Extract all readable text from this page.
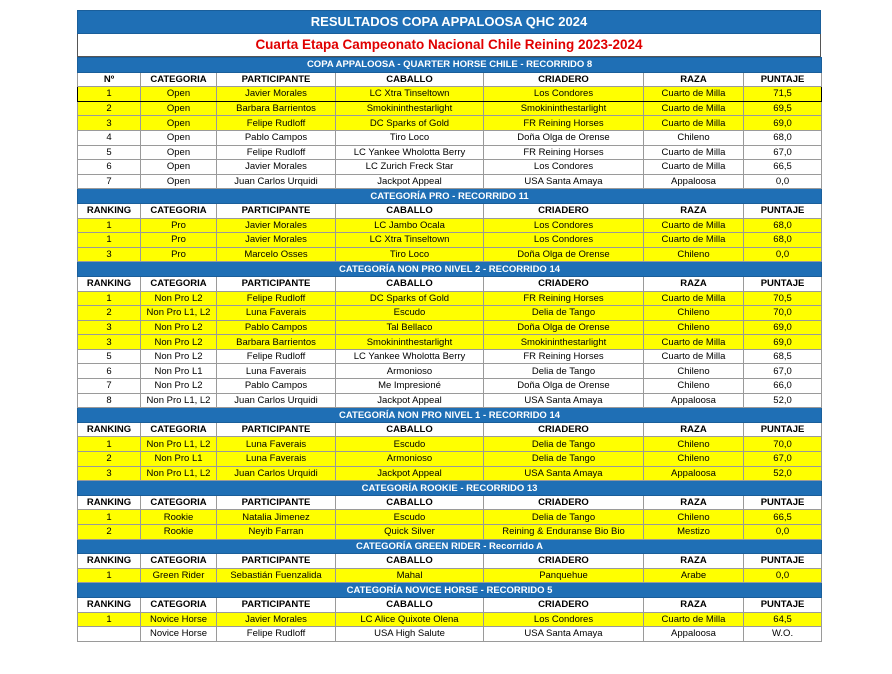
RESULTADOS COPA APPALOOSA QHC 2024
Cuarta Etapa Campeonato Nacional Chile Reining 2023-2024
COPA APPALOOSA - QUARTER HORSE CHILE - RECORRIDO 8						
Nº	CATEGORIA	PARTICIPANTE	CABALLO	CRIADERO	RAZA	PUNTAJE
1	Open	Javier Morales	LC Xtra Tinseltown	Los Condores	Cuarto de Milla	71,5
2	Open	Barbara Barrientos	Smokininthestarlight	Smokininthestarlight	Cuarto de Milla	69,5
3	Open	Felipe Rudloff	DC Sparks of Gold	FR Reining Horses	Cuarto de Milla	69,0
4	Open	Pablo Campos	Tiro Loco	Doña Olga de Orense	Chileno	68,0
5	Open	Felipe Rudloff	LC Yankee Wholotta Berry	FR Reining Horses	Cuarto de Milla	67,0
6	Open	Javier Morales	LC Zurich Freck Star	Los Condores	Cuarto de Milla	66,5
7	Open	Juan Carlos Urquidi	Jackpot Appeal	USA Santa Amaya	Appaloosa	0,0
CATEGORÍA PRO - RECORRIDO 11						
RANKING	CATEGORIA	PARTICIPANTE	CABALLO	CRIADERO	RAZA	PUNTAJE
1	Pro	Javier Morales	LC Jambo Ocala	Los Condores	Cuarto de Milla	68,0
1	Pro	Javier Morales	LC Xtra Tinseltown	Los Condores	Cuarto de Milla	68,0
3	Pro	Marcelo Osses	Tiro Loco	Doña Olga de Orense	Chileno	0,0
CATEGORÍA NON PRO NIVEL 2 - RECORRIDO 14						
RANKING	CATEGORIA	PARTICIPANTE	CABALLO	CRIADERO	RAZA	PUNTAJE
1	Non Pro L2	Felipe Rudloff	DC Sparks of Gold	FR Reining Horses	Cuarto de Milla	70,5
2	Non Pro L1, L2	Luna Faverais	Escudo	Delia de Tango	Chileno	70,0
3	Non Pro L2	Pablo Campos	Tal Bellaco	Doña Olga de Orense	Chileno	69,0
3	Non Pro L2	Barbara Barrientos	Smokininthestarlight	Smokininthestarlight	Cuarto de Milla	69,0
5	Non Pro L2	Felipe Rudloff	LC Yankee Wholotta Berry	FR Reining Horses	Cuarto de Milla	68,5
6	Non Pro L1	Luna Faverais	Armonioso	Delia de Tango	Chileno	67,0
7	Non Pro L2	Pablo Campos	Me Impresioné	Doña Olga de Orense	Chileno	66,0
8	Non Pro L1, L2	Juan Carlos Urquidi	Jackpot Appeal	USA Santa Amaya	Appaloosa	52,0
CATEGORÍA NON PRO NIVEL 1 - RECORRIDO 14						
RANKING	CATEGORIA	PARTICIPANTE	CABALLO	CRIADERO	RAZA	PUNTAJE
1	Non Pro L1, L2	Luna Faverais	Escudo	Delia de Tango	Chileno	70,0
2	Non Pro L1	Luna Faverais	Armonioso	Delia de Tango	Chileno	67,0
3	Non Pro L1, L2	Juan Carlos Urquidi	Jackpot Appeal	USA Santa Amaya	Appaloosa	52,0
CATEGORÍA ROOKIE - RECORRIDO 13						
RANKING	CATEGORIA	PARTICIPANTE	CABALLO	CRIADERO	RAZA	PUNTAJE
1	Rookie	Natalia Jimenez	Escudo	Delia de Tango	Chileno	66,5
2	Rookie	Neyib Farran	Quick Silver	Reining & Enduranse Bio Bio	Mestizo	0,0
CATEGORÍA GREEN RIDER - Recorrido A						
RANKING	CATEGORIA	PARTICIPANTE	CABALLO	CRIADERO	RAZA	PUNTAJE
1	Green Rider	Sebastián Fuenzalida	Mahal	Panquehue	Arabe	0,0
CATEGORÍA NOVICE HORSE - RECORRIDO 5						
RANKING	CATEGORIA	PARTICIPANTE	CABALLO	CRIADERO	RAZA	PUNTAJE
1	Novice Horse	Javier Morales	LC Alice Quixote Olena	Los Condores	Cuarto de Milla	64,5
	Novice Horse	Felipe Rudloff	USA High Salute	USA Santa Amaya	Appaloosa	W.O.
